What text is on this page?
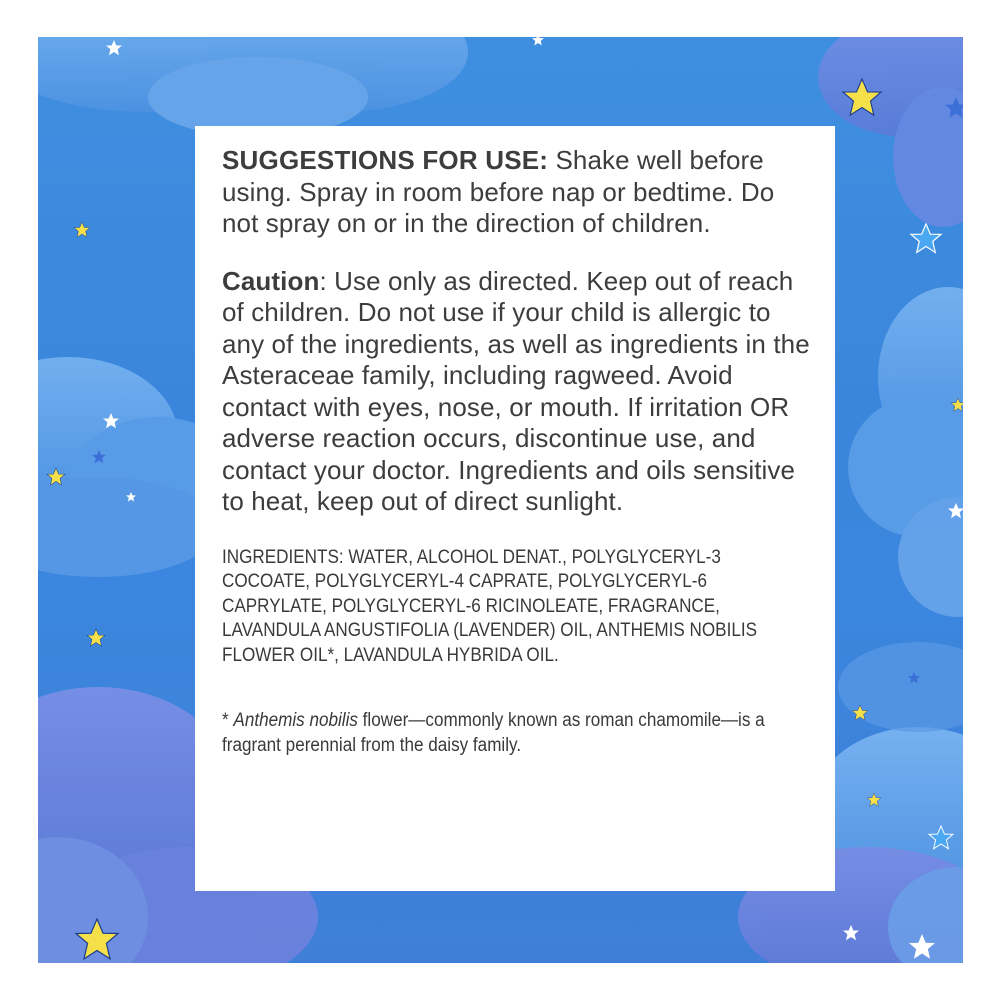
SUGGESTIONS FOR USE: Shake well before using. Spray in room before nap or bedtime. Do not spray on or in the direction of children.

Caution: Use only as directed. Keep out of reach of children. Do not use if your child is allergic to any of the ingredients, as well as ingredients in the Asteraceae family, including ragweed. Avoid contact with eyes, nose, or mouth. If irritation OR adverse reaction occurs, discontinue use, and contact your doctor. Ingredients and oils sensitive to heat, keep out of direct sunlight.

INGREDIENTS: WATER, ALCOHOL DENAT., POLYGLYCERYL-3 COCOATE, POLYGLYCERYL-4 CAPRATE, POLYGLYCERYL-6 CAPRYLATE, POLYGLYCERYL-6 RICINOLEATE, FRAGRANCE, LAVANDULA ANGUSTIFOLIA (LAVENDER) OIL, ANTHEMIS NOBILIS FLOWER OIL*, LAVANDULA HYBRIDA OIL.

* Anthemis nobilis flower—commonly known as roman chamomile—is a fragrant perennial from the daisy family.
